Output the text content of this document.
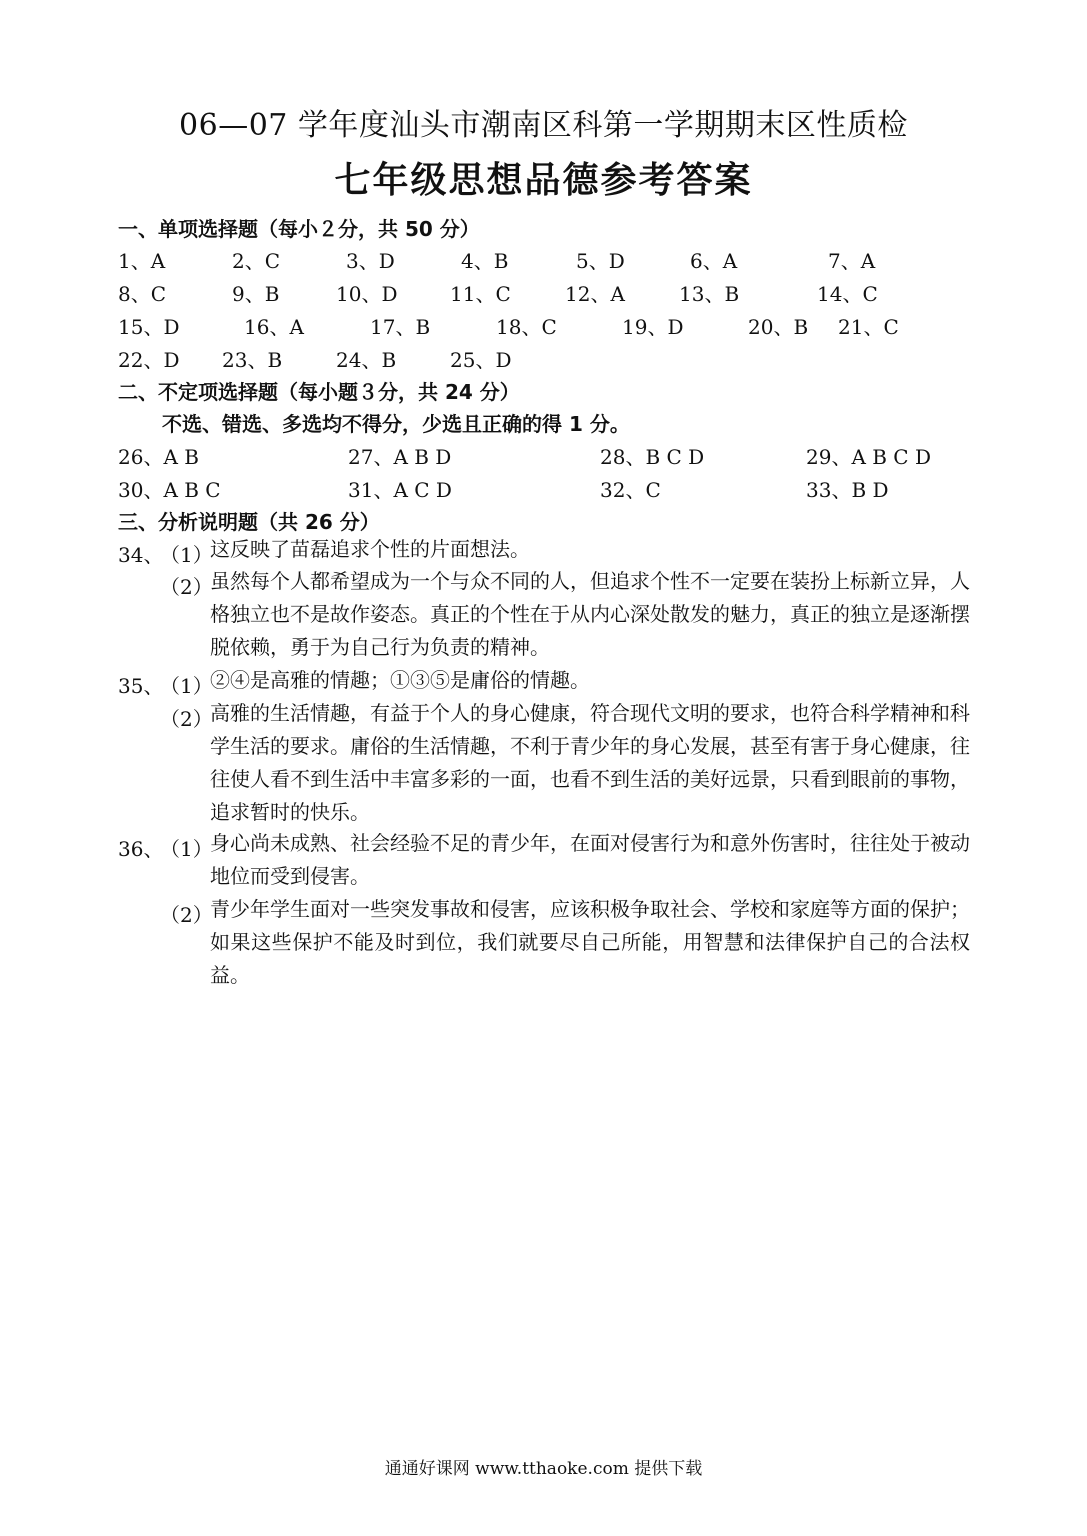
06—07 学年度汕头市潮南区科第一学期期末区性质检
七年级思想品德参考答案
一、单项选择题（每小２分，共 50 分）
1、A	2、C	3、D	4、B	5、D	6、A	7、A
8、C	9、B	10、D	11、C	12、A	13、B	14、C
15、D	16、A	17、B	18、C	19、D	20、B 21、C
22、D 23、B	24、B	25、D
二、不定项选择题（每小题３分，共 24 分）
不选、错选、多选均不得分，少选且正确的得 1 分。
26、A B	27、A B D	28、B C D	29、A B C D
30、A B C	31、A C D	32、C	33、B D
三、分析说明题（共 26 分）
34、
（1）
这反映了苗磊追求个性的片面想法。
（2）
虽然每个人都希望成为一个与众不同的人，但追求个性不一定要在装扮上标新立异，人格独立也不是故作姿态。真正的个性在于从内心深处散发的魅力，真正的独立是逐渐摆脱依赖，勇于为自己行为负责的精神。
35、
（1）
②④是高雅的情趣；①③⑤是庸俗的情趣。
（2）
高雅的生活情趣，有益于个人的身心健康，符合现代文明的要求，也符合科学精神和科学生活的要求。庸俗的生活情趣，不利于青少年的身心发展，甚至有害于身心健康，往往使人看不到生活中丰富多彩的一面，也看不到生活的美好远景，只看到眼前的事物，追求暂时的快乐。
36、
（1）
身心尚未成熟、社会经验不足的青少年，在面对侵害行为和意外伤害时，往往处于被动地位而受到侵害。
（2）
青少年学生面对一些突发事故和侵害，应该积极争取社会、学校和家庭等方面的保护；如果这些保护不能及时到位，我们就要尽自己所能，用智慧和法律保护自己的合法权益。
通通好课网 www.tthaoke.com 提供下载
